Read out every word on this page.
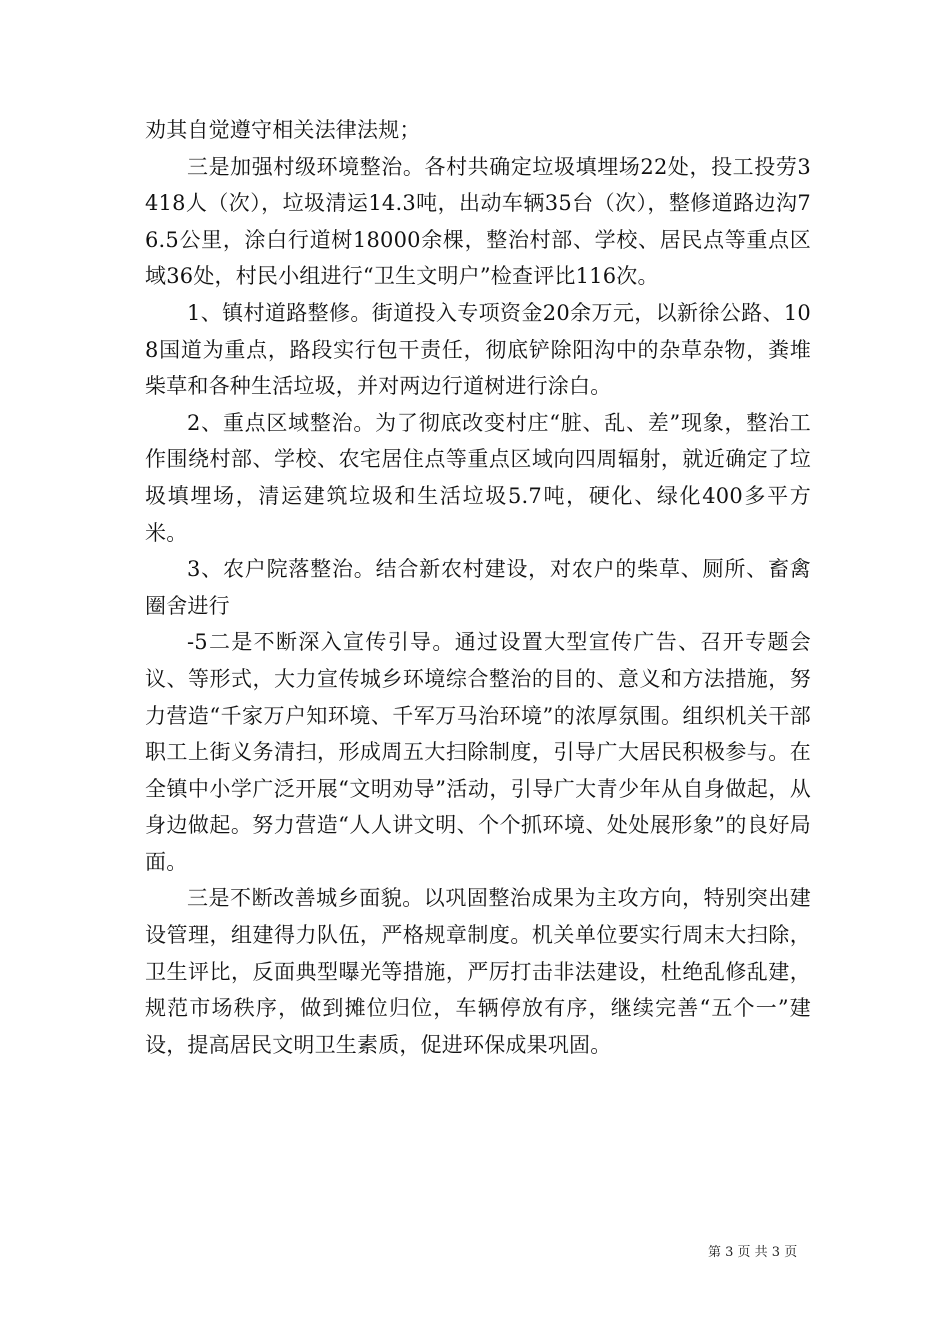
劝其自觉遵守相关法律法规；

三是加强村级环境整治。各村共确定垃圾填埋场22处，投工投劳3418人（次），垃圾清运14.3吨，出动车辆35台（次），整修道路边沟76.5公里，涂白行道树18000余棵，整治村部、学校、居民点等重点区域36处，村民小组进行“卫生文明户”检查评比116次。

1、镇村道路整修。街道投入专项资金20余万元，以新徐公路、108国道为重点，路段实行包干责任，彻底铲除阳沟中的杂草杂物，粪堆柴草和各种生活垃圾，并对两边行道树进行涂白。

2、重点区域整治。为了彻底改变村庄“脏、乱、差”现象，整治工作围绕村部、学校、农宅居住点等重点区域向四周辐射，就近确定了垃圾填埋场，清运建筑垃圾和生活垃圾5.7吨，硬化、绿化400多平方米。

3、农户院落整治。结合新农村建设，对农户的柴草、厕所、畜禽圈舍进行

-5二是不断深入宣传引导。通过设置大型宣传广告、召开专题会议、等形式，大力宣传城乡环境综合整治的目的、意义和方法措施，努力营造“千家万户知环境、千军万马治环境”的浓厚氛围。组织机关干部职工上街义务清扫，形成周五大扫除制度，引导广大居民积极参与。在全镇中小学广泛开展“文明劝导”活动，引导广大青少年从自身做起，从身边做起。努力营造“人人讲文明、个个抓环境、处处展形象”的良好局面。

三是不断改善城乡面貌。以巩固整治成果为主攻方向，特别突出建设管理，组建得力队伍，严格规章制度。机关单位要实行周末大扫除，卫生评比，反面典型曝光等措施，严厉打击非法建设，杜绝乱修乱建，规范市场秩序，做到摊位归位，车辆停放有序，继续完善“五个一”建设，提高居民文明卫生素质，促进环保成果巩固。

第 3 页 共 3 页
